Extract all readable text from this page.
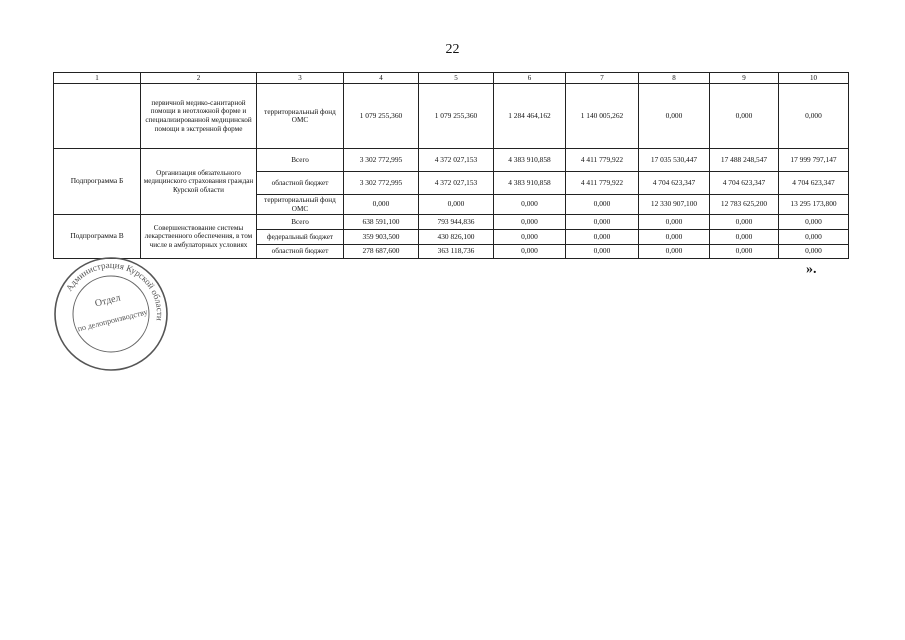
22
1	2	3	4	5	6	7	8	9	10
	первичной медико-санитарной помощи в неотложной форме и специализированной медицинской помощи в экстренной форме	территориальный фонд ОМС	1 079 255,360	1 079 255,360	1 284 464,162	1 140 005,262	0,000	0,000	0,000
Подпрограмма Б	Организация обязательного медицинского страхования граждан Курской области	Всего	3 302 772,995	4 372 027,153	4 383 910,858	4 411 779,922	17 035 530,447	17 488 248,547	17 999 797,147
		областной бюджет	3 302 772,995	4 372 027,153	4 383 910,858	4 411 779,922	4 704 623,347	4 704 623,347	4 704 623,347
		территориальный фонд ОМС	0,000	0,000	0,000	0,000	12 330 907,100	12 783 625,200	13 295 173,800
Подпрограмма В	Совершенствование системы лекарственного обеспечения, в том числе в амбулаторных условиях	Всего	638 591,100	793 944,836	0,000	0,000	0,000	0,000	0,000
		федеральный бюджет	359 903,500	430 826,100	0,000	0,000	0,000	0,000	0,000
		областной бюджет	278 687,600	363 118,736	0,000	0,000	0,000	0,000	0,000
».
Администрация Курской области
Отдел
по делопроизводству
